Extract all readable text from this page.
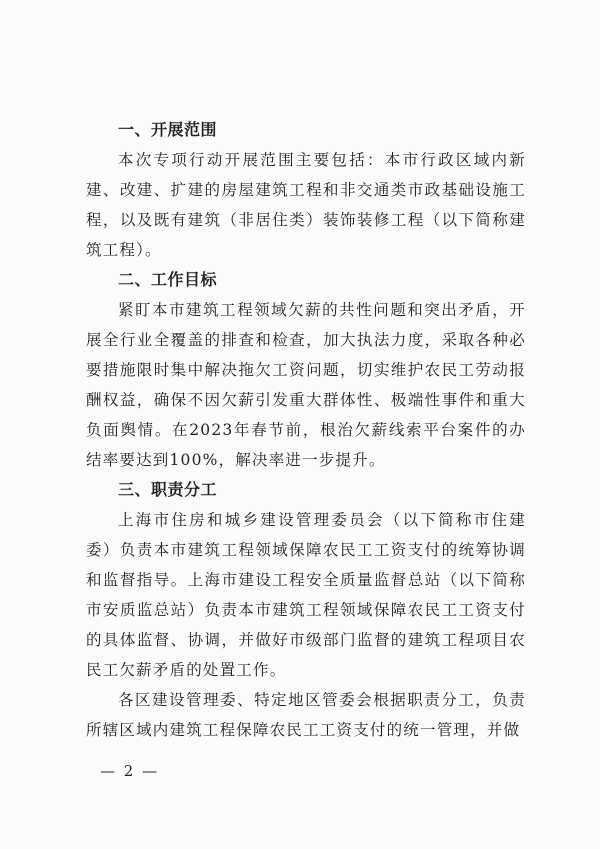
一、开展范围

本次专项行动开展范围主要包括：本市行政区域内新建、改建、扩建的房屋建筑工程和非交通类市政基础设施工程，以及既有建筑（非居住类）装饰装修工程（以下简称建筑工程）。

二、工作目标

紧盯本市建筑工程领域欠薪的共性问题和突出矛盾，开展全行业全覆盖的排查和检查，加大执法力度，采取各种必要措施限时集中解决拖欠工资问题，切实维护农民工劳动报酬权益，确保不因欠薪引发重大群体性、极端性事件和重大负面舆情。在2023年春节前，根治欠薪线索平台案件的办结率要达到100%，解决率进一步提升。

三、职责分工

上海市住房和城乡建设管理委员会（以下简称市住建委）负责本市建筑工程领域保障农民工工资支付的统筹协调和监督指导。上海市建设工程安全质量监督总站（以下简称市安质监总站）负责本市建筑工程领域保障农民工工资支付的具体监督、协调，并做好市级部门监督的建筑工程项目农民工欠薪矛盾的处置工作。

各区建设管理委、特定地区管委会根据职责分工，负责所辖区域内建筑工程保障农民工工资支付的统一管理，并做

— 2 —
